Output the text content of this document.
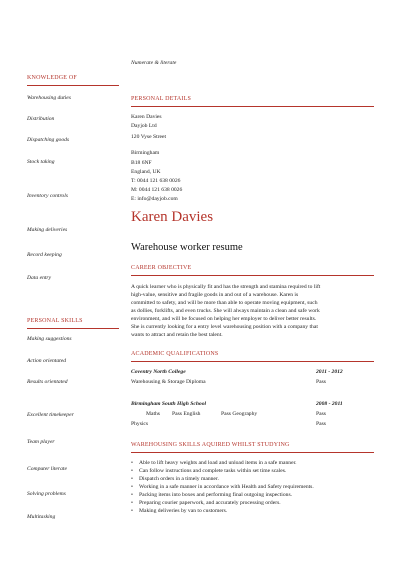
Numerate & literate
KNOWLEDGE OF
Warehousing duties
Distribution
Dispatching goods
Stock taking
Inventory controls
Making deliveries
Record keeping
Data entry
PERSONAL SKILLS
Making suggestions
Action orientated
Results orientated
Excellent timekeeper
Team player
Computer literate
Solving problems
Multitasking
PERSONAL DETAILS
Karen Davies
Dayjob Ltd
120 Vyse Street
Birmingham
B18 6NF
England, UK
T: 0044 121 638 0026
M: 0044 121 638 0026
E: info@dayjob.com
Karen Davies
Warehouse worker resume
CAREER OBJECTIVE
A quick learner who is physically fit and has the strength and stamina required to lift
high-value, sensitive and fragile goods in and out of a warehouse. Karen is
committed to safety, and will be more than able to operate moving equipment, such
as dollies, forklifts, and even trucks. She will always maintain a clean and safe work
environment, and will be focused on helping her employer to deliver better results.
She is currently looking for a entry level warehousing position with a company that
wants to attract and retain the best talent.
ACADEMIC QUALIFICATIONS
Coventry North College	2011 - 2012
Warehousing & Storage Diploma	Pass
Birmingham South High School	2008 - 2011
Maths Pass English	Pass Geography	Pass
Physics	Pass
WAREHOUSING SKILLS AQUIRED WHILST STUDYING
• Able to lift heavy weights and load and unload items in a safe manner.
• Can follow instructions and complete tasks within set time scales.
• Dispatch orders in a timely manner.
• Working in a safe manner in accordance with Health and Safety requirements.
• Packing items into boxes and performing final outgoing inspections.
• Preparing courier paperwork, and accurately processing orders.
• Making deliveries by van to customers.
